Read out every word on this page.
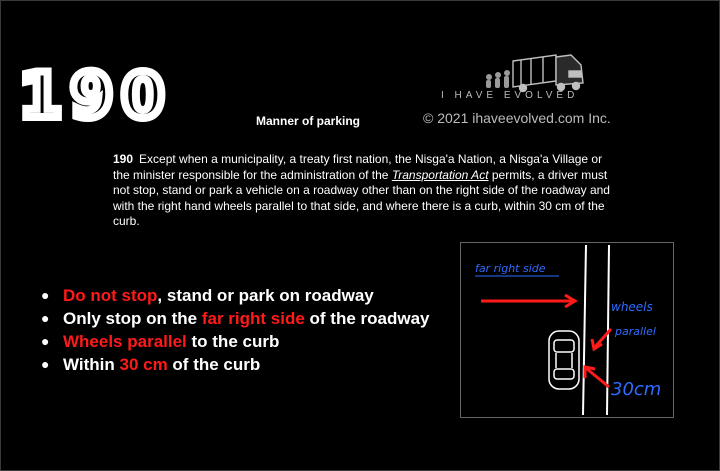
190	Manner of parking
I HAVE EVOLVED
© 2021 ihaveevolved.com Inc.
190 Except when a municipality, a treaty first nation, the Nisga'a Nation, a Nisga'a Village or the minister responsible for the administration of the Transportation Act permits, a driver must not stop, stand or park a vehicle on a roadway other than on the right side of the roadway and with the right hand wheels parallel to that side, and where there is a curb, within 30 cm of the curb.
● Do not stop, stand or park on roadway
● Only stop on the far right side of the roadway
● Wheels parallel to the curb
● Within 30 cm of the curb
far right side
wheels
parallel
30cm
